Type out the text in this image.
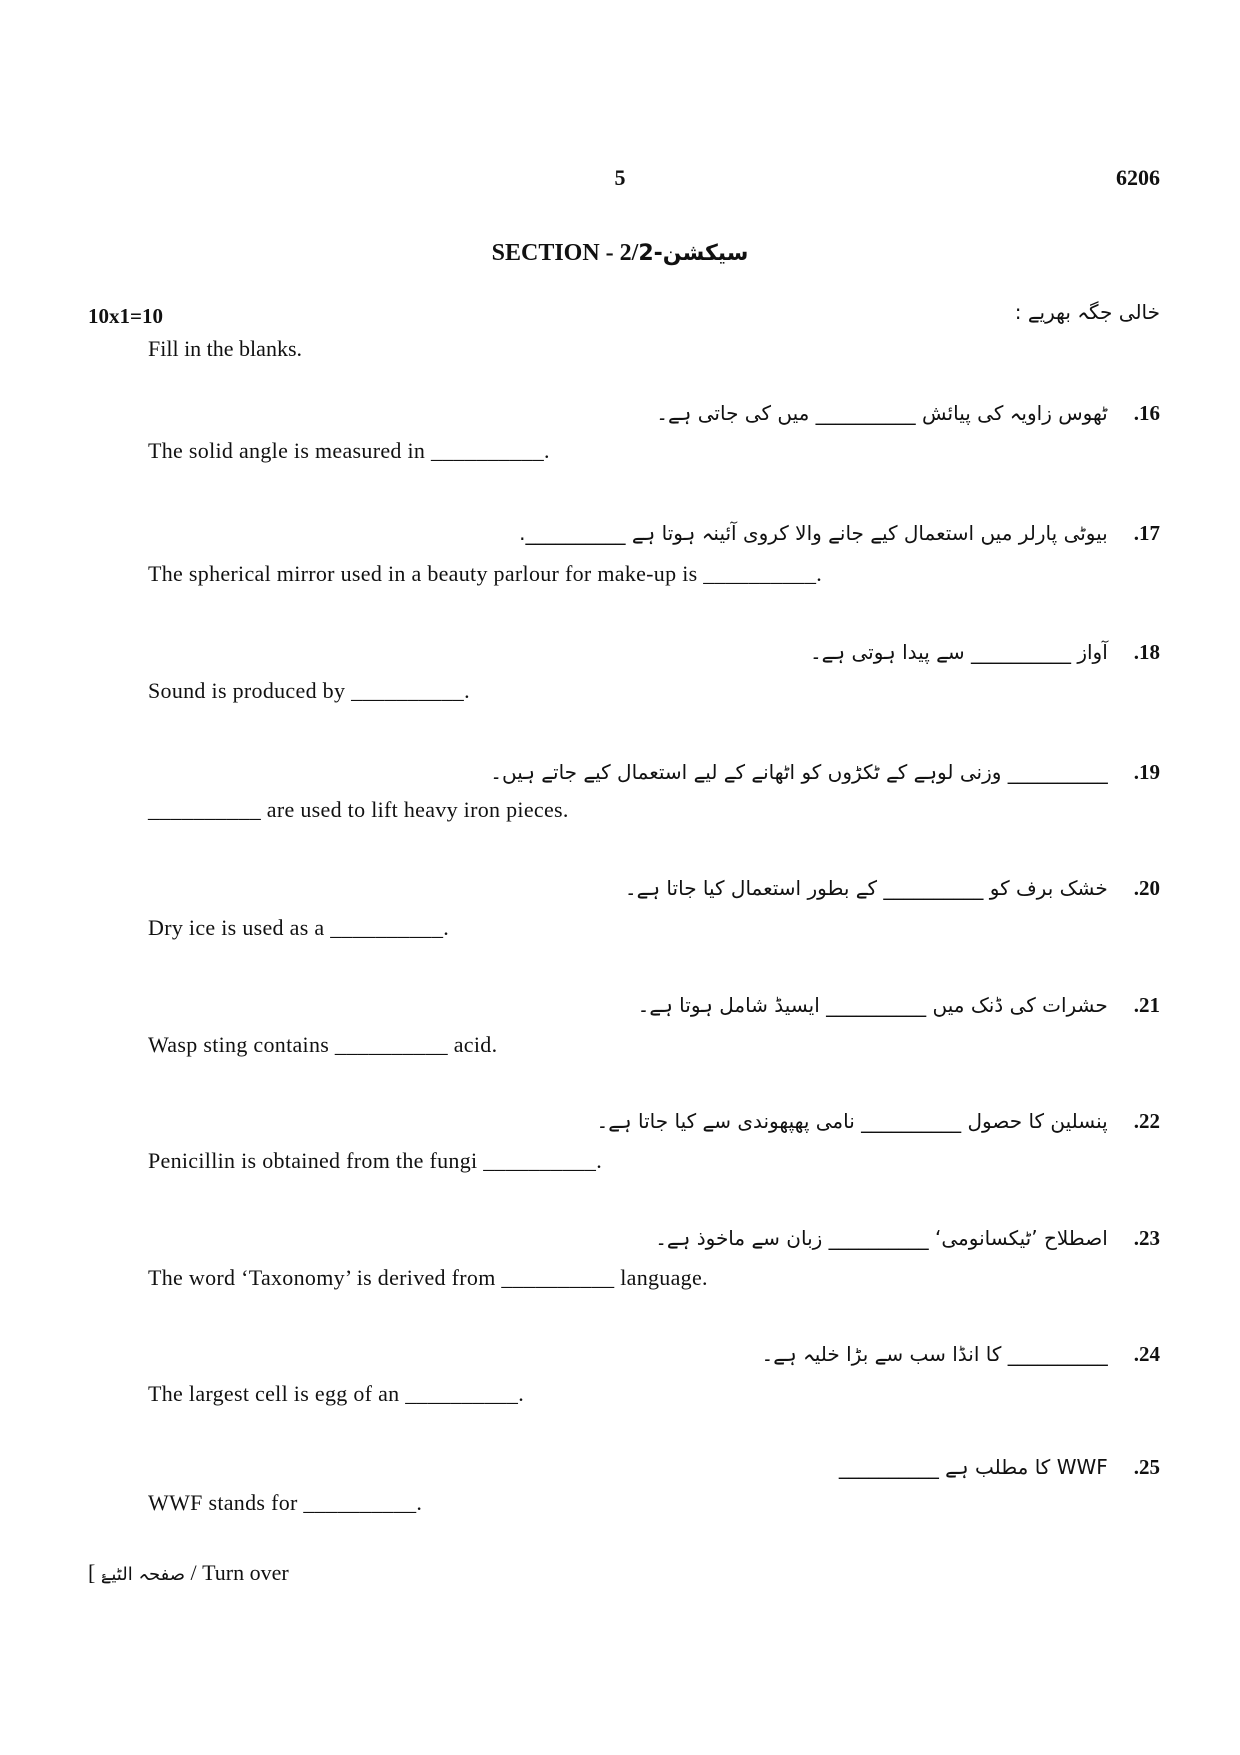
5	6206
SECTION - 2/2-سیکشن
10x1=10	خالی جگہ بھریے :
Fill in the blanks.
16.ٹھوس زاویہ کی پیائش __________ میں کی جاتی ہے۔
The solid angle is measured in __________.
17.بیوٹی پارلر میں استعمال کیے جانے والا کروی آئینہ ہوتا ہے __________.
The spherical mirror used in a beauty parlour for make-up is __________.
18.آواز __________ سے پیدا ہوتی ہے۔
Sound is produced by __________.
19.__________ وزنی لوہے کے ٹکڑوں کو اٹھانے کے لیے استعمال کیے جاتے ہیں۔
__________ are used to lift heavy iron pieces.
20.خشک برف کو __________ کے بطور استعمال کیا جاتا ہے۔
Dry ice is used as a __________.
21.حشرات کی ڈنک میں __________ ایسیڈ شامل ہوتا ہے۔
Wasp sting contains __________ acid.
22.پنسلین کا حصول __________ نامی پھپھوندی سے کیا جاتا ہے۔
Penicillin is obtained from the fungi __________.
23.اصطلاح ’ٹیکسانومی‘ __________ زبان سے ماخوذ ہے۔
The word ‘Taxonomy’ is derived from __________ language.
24.__________ کا انڈا سب سے بڑا خلیہ ہے۔
The largest cell is egg of an __________.
25.WWF کا مطلب ہے __________
WWF stands for __________.
[ صفحہ الٹیۓ / Turn over
